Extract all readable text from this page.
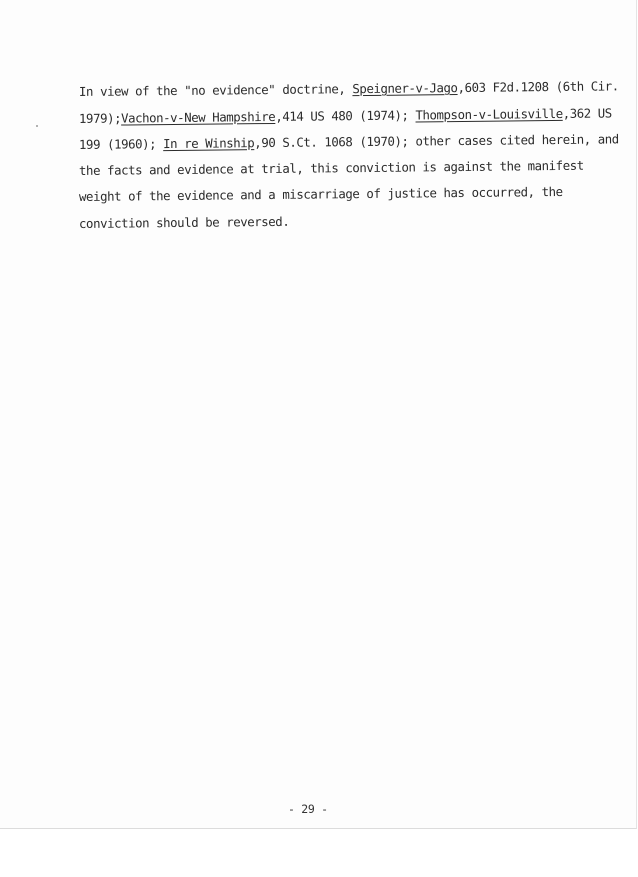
In view of the "no evidence" doctrine, Speigner-v-Jago,603 F2d.1208 (6th Cir.
1979);Vachon-v-New Hampshire,414 US 480 (1974); Thompson-v-Louisville,362 US
199 (1960); In re Winship,90 S.Ct. 1068 (1970); other cases cited herein, and
the facts and evidence at trial, this conviction is against the manifest
weight of the evidence and a miscarriage of justice has occurred, the
conviction should be reversed.
- 29 -
